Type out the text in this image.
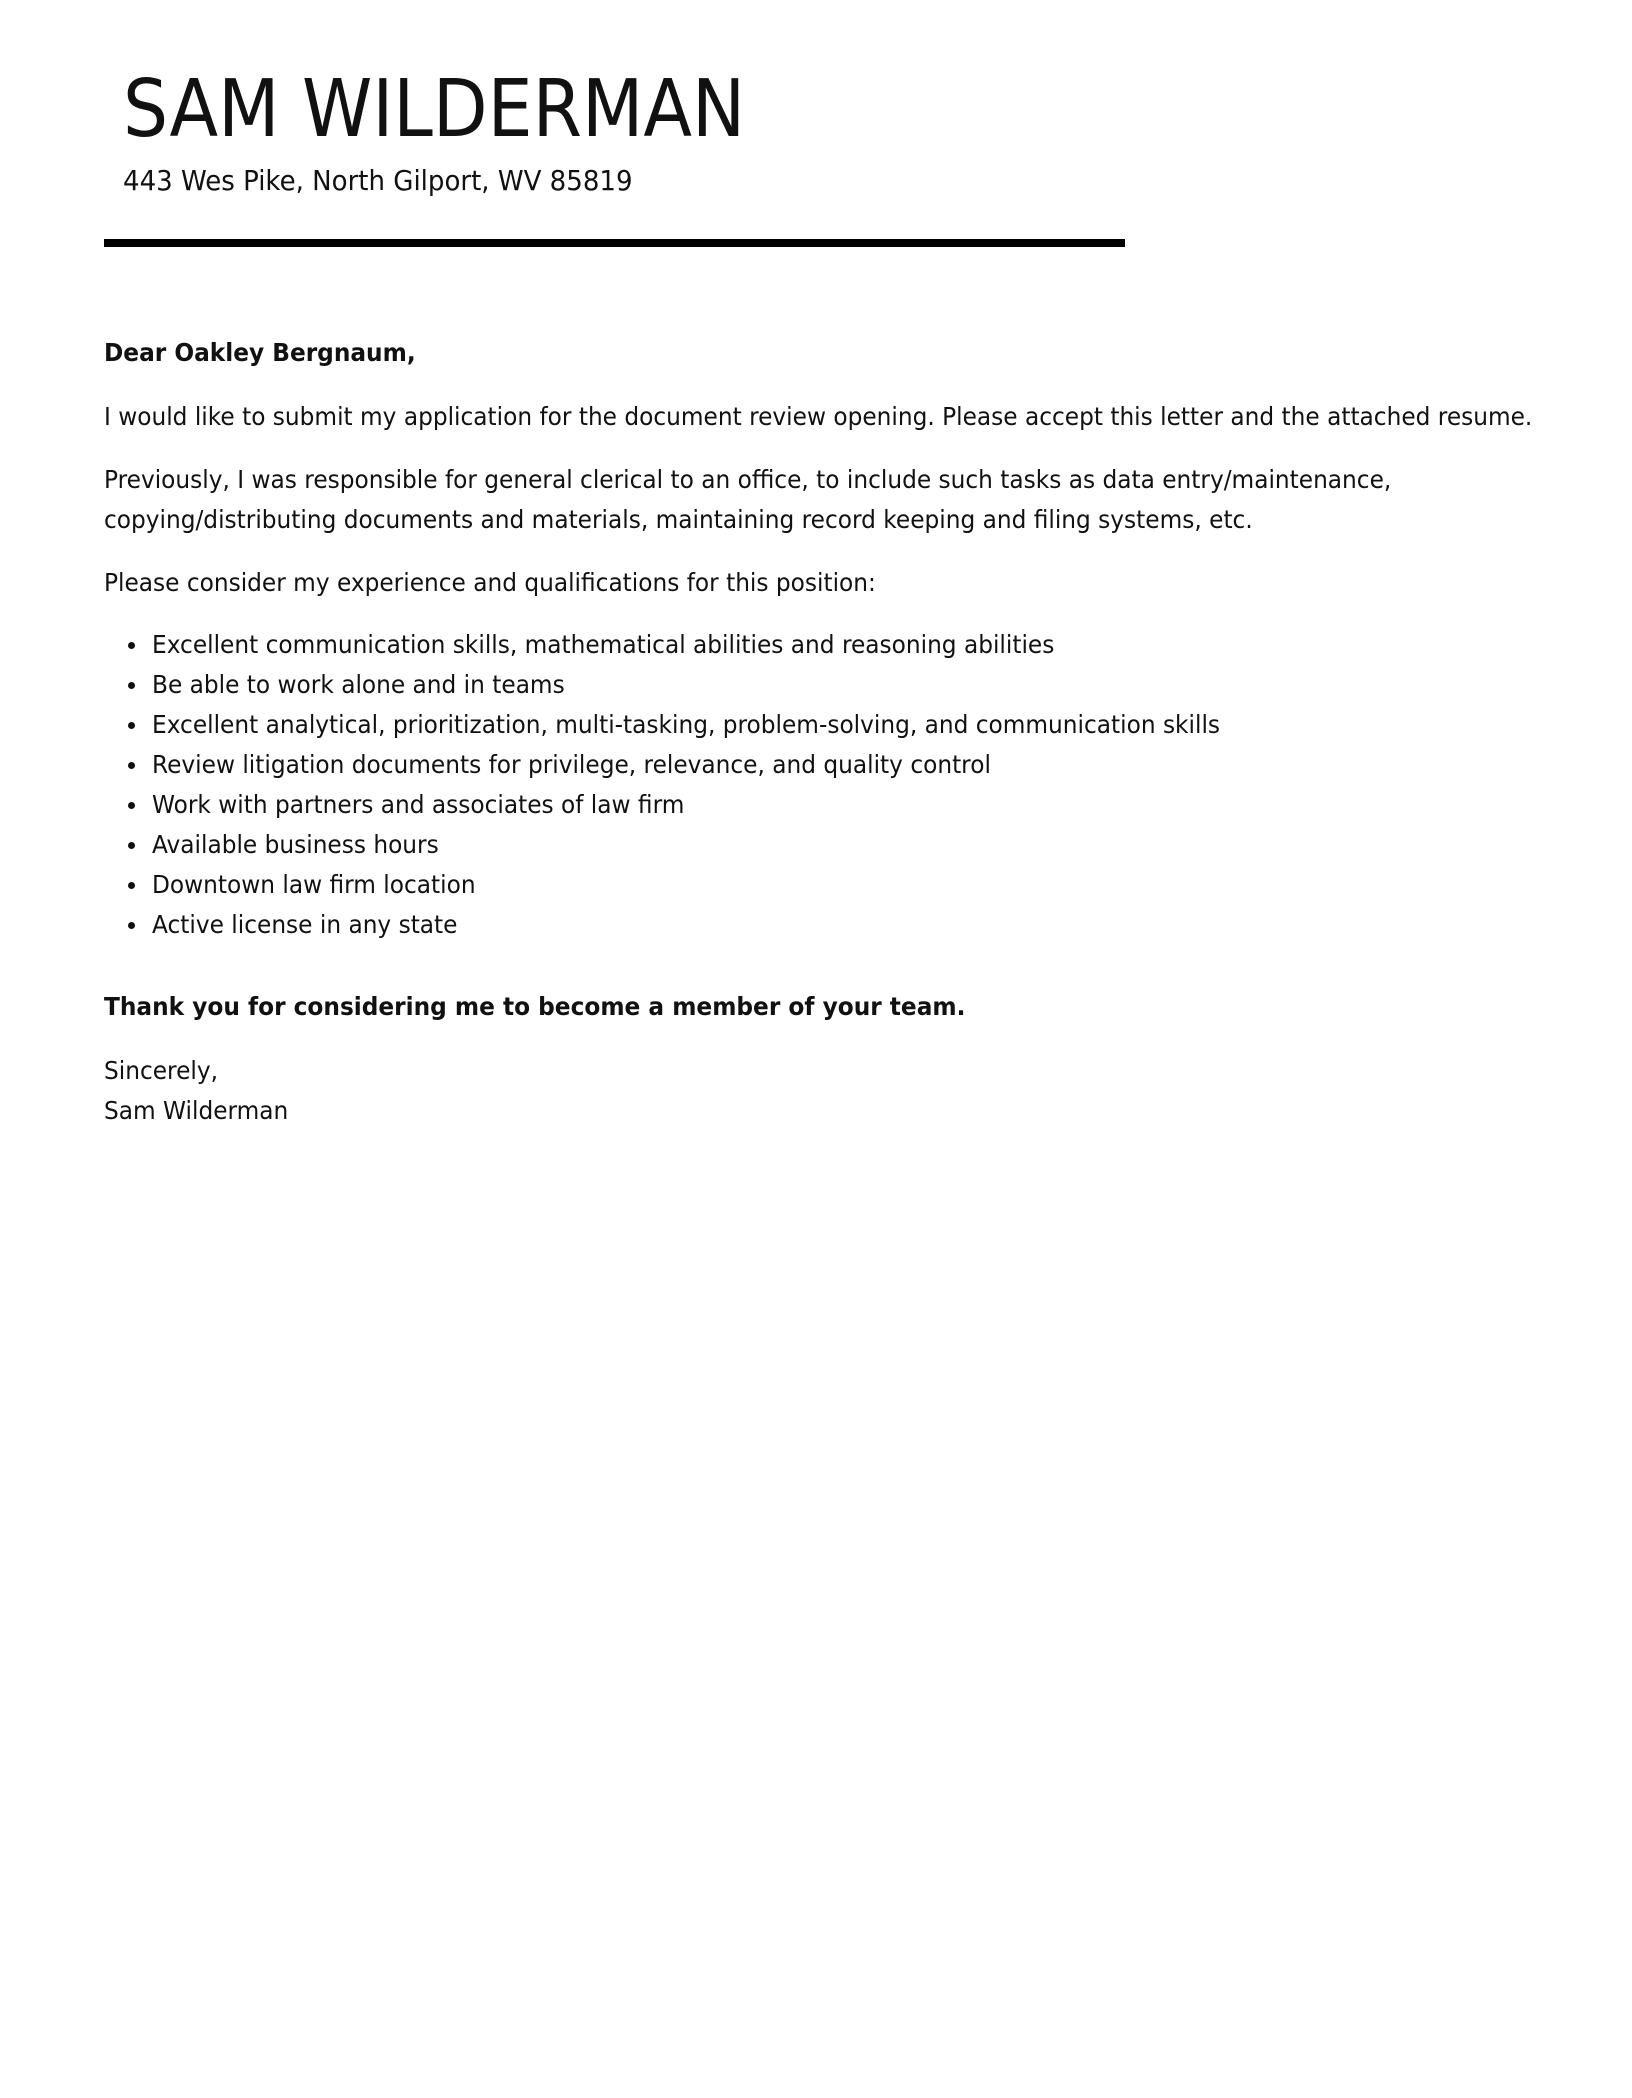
SAM WILDERMAN
443 Wes Pike, North Gilport, WV 85819

Dear Oakley Bergnaum,

I would like to submit my application for the document review opening. Please accept this letter and the attached resume.

Previously, I was responsible for general clerical to an office, to include such tasks as data entry/maintenance, copying/distributing documents and materials, maintaining record keeping and filing systems, etc.

Please consider my experience and qualifications for this position:

Excellent communication skills, mathematical abilities and reasoning abilities
Be able to work alone and in teams
Excellent analytical, prioritization, multi-tasking, problem-solving, and communication skills
Review litigation documents for privilege, relevance, and quality control
Work with partners and associates of law firm
Available business hours
Downtown law firm location
Active license in any state

Thank you for considering me to become a member of your team.

Sincerely,

Sam Wilderman
